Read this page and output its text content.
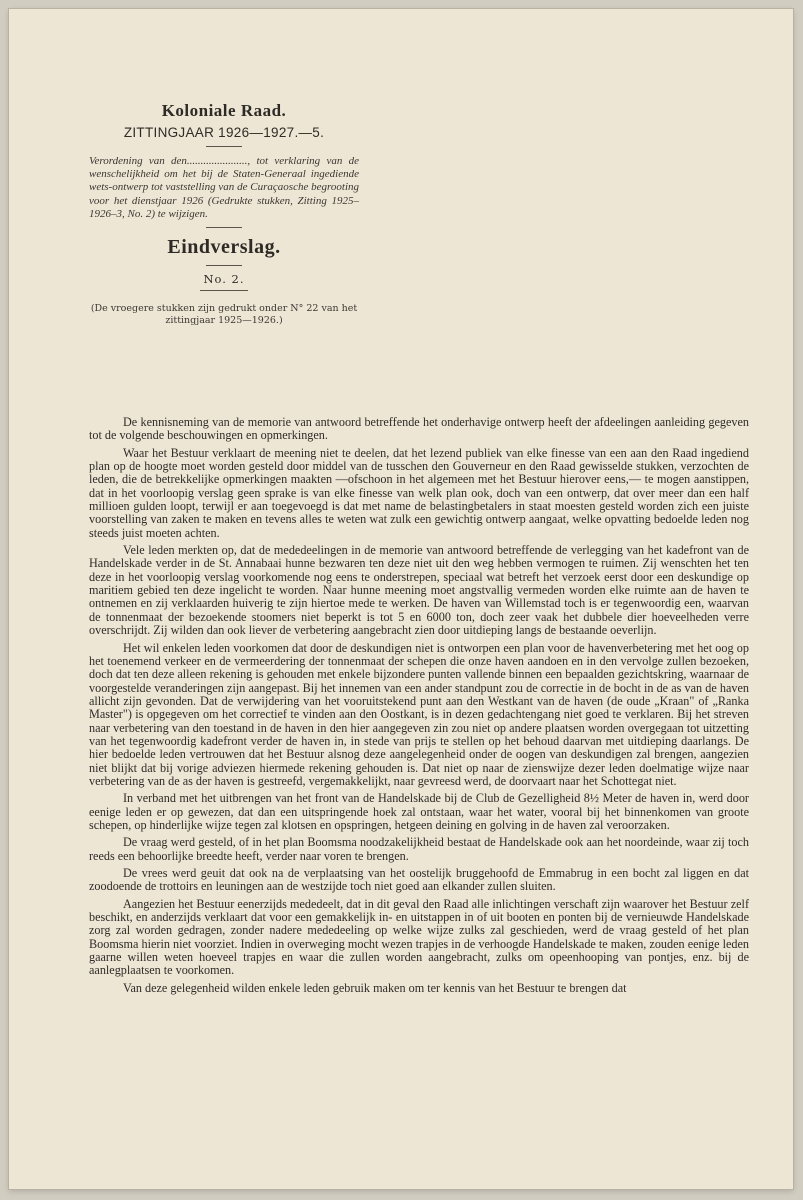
Koloniale Raad.

ZITTINGJAAR 1926—1927.—5.

Verordening van den......................, tot verklaring van de wenschelijkheid om het bij de Staten-Generaal ingediende wets-ontwerp tot vaststelling van de Curaçaosche begrooting voor het dienstjaar 1926 (Gedrukte stukken, Zitting 1925–1926–3, No. 2) te wijzigen.

Eindverslag.

No. 2.

(De vroegere stukken zijn gedrukt onder N° 22 van het zittingjaar 1925—1926.)

De kennisneming van de memorie van antwoord betreffende het onderhavige ontwerp heeft der afdeelingen aanleiding gegeven tot de volgende beschouwingen en opmerkingen.

Waar het Bestuur verklaart de meening niet te deelen, dat het lezend publiek van elke finesse van een aan den Raad ingediend plan op de hoogte moet worden gesteld door middel van de tusschen den Gouverneur en den Raad gewisselde stukken, verzochten de leden, die de betrekkelijke opmerkingen maakten —ofschoon in het algemeen met het Bestuur hierover eens,— te mogen aanstippen, dat in het voorloopig verslag geen sprake is van elke finesse van welk plan ook, doch van een ontwerp, dat over meer dan een half millioen gulden loopt, terwijl er aan toegevoegd is dat met name de belastingbetalers in staat moesten gesteld worden zich een juiste voorstelling van zaken te maken en tevens alles te weten wat zulk een gewichtig ontwerp aangaat, welke opvatting bedoelde leden nog steeds juist moeten achten.

Vele leden merkten op, dat de mededeelingen in de memorie van antwoord betreffende de verlegging van het kadefront van de Handelskade verder in de St. Annabaai hunne bezwaren ten deze niet uit den weg hebben vermogen te ruimen. Zij wenschten het ten deze in het voorloopig verslag voorkomende nog eens te onderstrepen, speciaal wat betreft het verzoek eerst door een deskundige op maritiem gebied ten deze ingelicht te worden. Naar hunne meening moet angstvallig vermeden worden elke ruimte aan de haven te ontnemen en zij verklaarden huiverig te zijn hiertoe mede te werken. De haven van Willemstad toch is er tegenwoordig een, waarvan de tonnenmaat der bezoekende stoomers niet beperkt is tot 5 en 6000 ton, doch zeer vaak het dubbele dier hoeveelheden verre overschrijdt. Zij wilden dan ook liever de verbetering aangebracht zien door uitdieping langs de bestaande oeverlijn.

Het wil enkelen leden voorkomen dat door de deskundigen niet is ontworpen een plan voor de havenverbetering met het oog op het toenemend verkeer en de vermeerdering der tonnenmaat der schepen die onze haven aandoen en in den vervolge zullen bezoeken, doch dat ten deze alleen rekening is gehouden met enkele bijzondere punten vallende binnen een bepaalden gezichtskring, waarnaar de voorgestelde veranderingen zijn aangepast. Bij het innemen van een ander standpunt zou de correctie in de bocht in de as van de haven allicht zijn gevonden. Dat de verwijdering van het vooruitstekend punt aan den Westkant van de haven (de oude „Kraan" of „Ranka Master") is opgegeven om het correctief te vinden aan den Oostkant, is in dezen gedachtengang niet goed te verklaren. Bij het streven naar verbetering van den toestand in de haven in den hier aangegeven zin zou niet op andere plaatsen worden overgegaan tot uitzetting van het tegenwoordig kadefront verder de haven in, in stede van prijs te stellen op het behoud daarvan met uitdieping daarlangs. De hier bedoelde leden vertrouwen dat het Bestuur alsnog deze aangelegenheid onder de oogen van deskundigen zal brengen, aangezien niet blijkt dat bij vorige adviezen hiermede rekening gehouden is. Dat niet op naar de zienswijze dezer leden doelmatige wijze naar verbetering van de as der haven is gestreefd, vergemakkelijkt, naar gevreesd werd, de doorvaart naar het Schottegat niet.

In verband met het uitbrengen van het front van de Handelskade bij de Club de Gezelligheid 8½ Meter de haven in, werd door eenige leden er op gewezen, dat dan een uitspringende hoek zal ontstaan, waar het water, vooral bij het binnenkomen van groote schepen, op hinderlijke wijze tegen zal klotsen en opspringen, hetgeen deining en golving in de haven zal veroorzaken.

De vraag werd gesteld, of in het plan Boomsma noodzakelijkheid bestaat de Handelskade ook aan het noordeinde, waar zij toch reeds een behoorlijke breedte heeft, verder naar voren te brengen.

De vrees werd geuit dat ook na de verplaatsing van het oostelijk bruggehoofd de Emmabrug in een bocht zal liggen en dat zoodoende de trottoirs en leuningen aan de westzijde toch niet goed aan elkander zullen sluiten.

Aangezien het Bestuur eenerzijds mededeelt, dat in dit geval den Raad alle inlichtingen verschaft zijn waarover het Bestuur zelf beschikt, en anderzijds verklaart dat voor een gemakkelijk in- en uitstappen in of uit booten en ponten bij de vernieuwde Handelskade zorg zal worden gedragen, zonder nadere mededeeling op welke wijze zulks zal geschieden, werd de vraag gesteld of het plan Boomsma hierin niet voorziet. Indien in overweging mocht wezen trapjes in de verhoogde Handelskade te maken, zouden eenige leden gaarne willen weten hoeveel trapjes en waar die zullen worden aangebracht, zulks om opeenhooping van pontjes, enz. bij de aanlegplaatsen te voorkomen.

Van deze gelegenheid wilden enkele leden gebruik maken om ter kennis van het Bestuur te brengen dat
